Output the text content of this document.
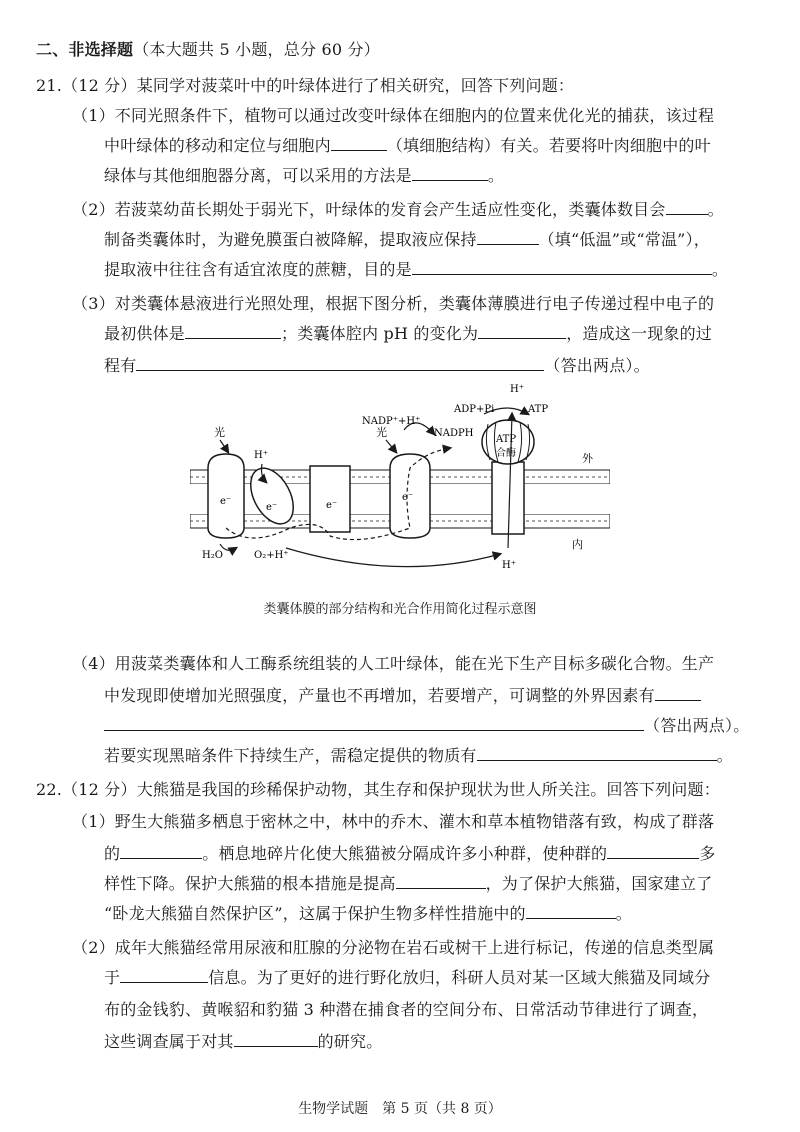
二、非选择题（本大题共 5 小题，总分 60 分）
21.（12 分）某同学对菠菜叶中的叶绿体进行了相关研究，回答下列问题：
（1）不同光照条件下，植物可以通过改变叶绿体在细胞内的位置来优化光的捕获，该过程
中叶绿体的移动和定位与细胞内	（填细胞结构）有关。若要将叶肉细胞中的叶
绿体与其他细胞器分离，可以采用的方法是	。
（2）若菠菜幼苗长期处于弱光下，叶绿体的发育会产生适应性变化，类囊体数目会	。
制备类囊体时，为避免膜蛋白被降解，提取液应保持	（填“低温”或“常温”），
提取液中往往含有适宜浓度的蔗糖，目的是	。
（3）对类囊体悬液进行光照处理，根据下图分析，类囊体薄膜进行电子传递过程中电子的
最初供体是	；类囊体腔内 pH 的变化为	，造成这一现象的过
程有	（答出两点）。
光	光
H⁺
NADP⁺+H⁺
NADPH
H⁺
ADP+Pi	ATP
ATP
合酶	外
内
e⁻
e⁻	e⁻
e⁻
H₂O	O₂+H⁺
H⁺
类囊体膜的部分结构和光合作用简化过程示意图
（4）用菠菜类囊体和人工酶系统组装的人工叶绿体，能在光下生产目标多碳化合物。生产
中发现即使增加光照强度，产量也不再增加，若要增产，可调整的外界因素有
（答出两点）。
若要实现黑暗条件下持续生产，需稳定提供的物质有	。
22.（12 分）大熊猫是我国的珍稀保护动物，其生存和保护现状为世人所关注。回答下列问题：
（1）野生大熊猫多栖息于密林之中，林中的乔木、灌木和草本植物错落有致，构成了群落
的	。栖息地碎片化使大熊猫被分隔成许多小种群，使种群的	多
样性下降。保护大熊猫的根本措施是提高	，为了保护大熊猫，国家建立了
“卧龙大熊猫自然保护区”，这属于保护生物多样性措施中的	。
（2）成年大熊猫经常用尿液和肛腺的分泌物在岩石或树干上进行标记，传递的信息类型属
于	信息。为了更好的进行野化放归，科研人员对某一区域大熊猫及同域分
布的金钱豹、黄喉貂和豹猫 3 种潜在捕食者的空间分布、日常活动节律进行了调查，
这些调查属于对其	的研究。
生物学试题　第 5 页（共 8 页）
